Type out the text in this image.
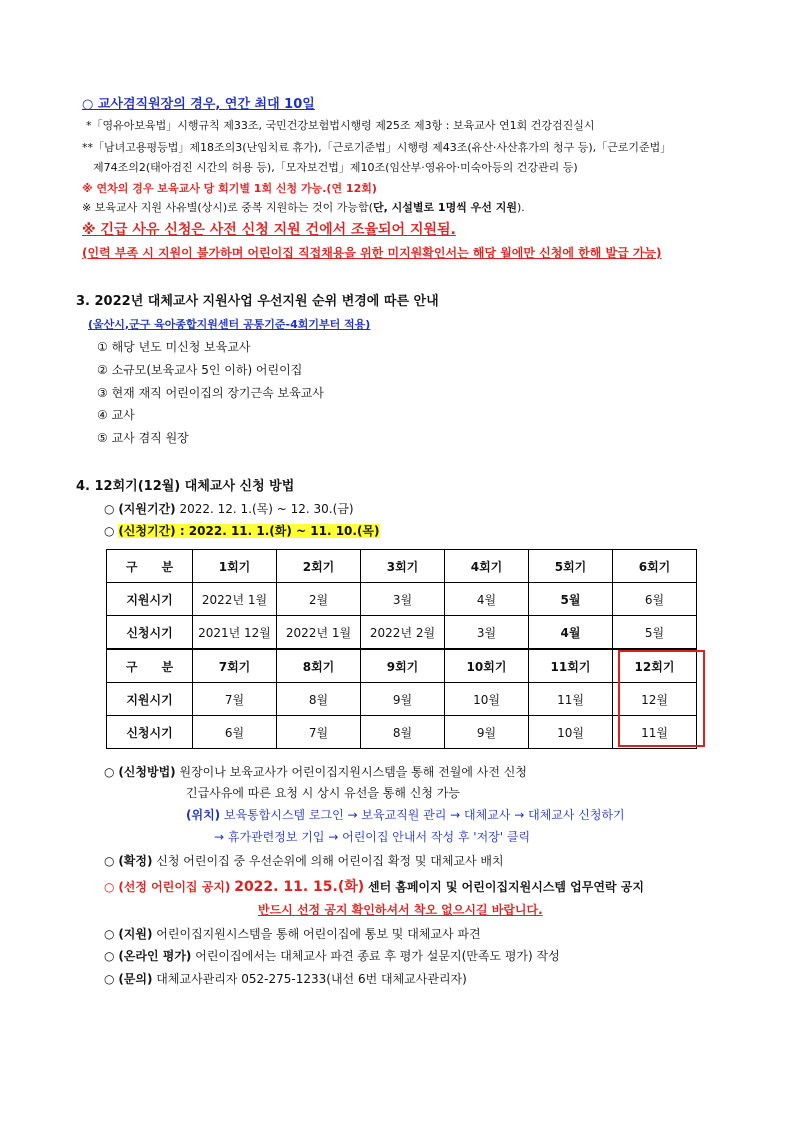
○ 교사겸직원장의 경우, 연간 최대 10일
*「영유아보육법」시행규칙 제33조, 국민건강보험법시행령 제25조 제3항 : 보육교사 연1회 건강검진실시
**「남녀고용평등법」제18조의3(난임치료 휴가),「근로기준법」시행령 제43조(유산·사산휴가의 청구 등),「근로기준법」
제74조의2(태아검진 시간의 허용 등),「모자보건법」제10조(임산부·영유아·미숙아등의 건강관리 등)
※ 연차의 경우 보육교사 당 회기별 1회 신청 가능.(연 12회)
※ 보육교사 지원 사유별(상시)로 중복 지원하는 것이 가능함(단, 시설별로 1명씩 우선 지원).
※ 긴급 사유 신청은 사전 신청 지원 건에서 조율되어 지원됨.
(인력 부족 시 지원이 불가하며 어린이집 직접채용을 위한 미지원확인서는 해당 월에만 신청에 한해 발급 가능)
3. 2022년 대체교사 지원사업 우선지원 순위 변경에 따른 안내
(울산시,군구 육아종합지원센터 공통기준-4회기부터 적용)
① 해당 년도 미신청 보육교사
② 소규모(보육교사 5인 이하) 어린이집
③ 현재 재직 어린이집의 장기근속 보육교사
④ 교사
⑤ 교사 겸직 원장
4. 12회기(12월) 대체교사 신청 방법
○ (지원기간) 2022. 12. 1.(목) ~ 12. 30.(금)
○ (신청기간) : 2022. 11. 1.(화) ~ 11. 10.(목)
구　　분	1회기	2회기	3회기	4회기	5회기	6회기
지원시기	2022년 1월	2월	3월	4월	5월	6월
신청시기	2021년 12월	2022년 1월	2022년 2월	3월	4월	5월
구　　분	7회기	8회기	9회기	10회기	11회기	12회기
지원시기	7월	8월	9월	10월	11월	12월
신청시기	6월	7월	8월	9월	10월	11월
○ (신청방법) 원장이나 보육교사가 어린이집지원시스템을 통해 전월에 사전 신청
긴급사유에 따른 요청 시 상시 유선을 통해 신청 가능
(위치) 보육통합시스템 로그인 → 보육교직원 관리 → 대체교사 → 대체교사 신청하기
→ 휴가관련정보 기입 → 어린이집 안내서 작성 후 '저장' 클릭
○ (확정) 신청 어린이집 중 우선순위에 의해 어린이집 확정 및 대체교사 배치
○ (선정 어린이집 공지) 2022. 11. 15.(화) 센터 홈페이지 및 어린이집지원시스템 업무연락 공지
반드시 선정 공지 확인하셔서 착오 없으시길 바랍니다.
○ (지원) 어린이집지원시스템을 통해 어린이집에 통보 및 대체교사 파견
○ (온라인 평가) 어린이집에서는 대체교사 파견 종료 후 평가 설문지(만족도 평가) 작성
○ (문의) 대체교사관리자 052-275-1233(내선 6번 대체교사관리자)
